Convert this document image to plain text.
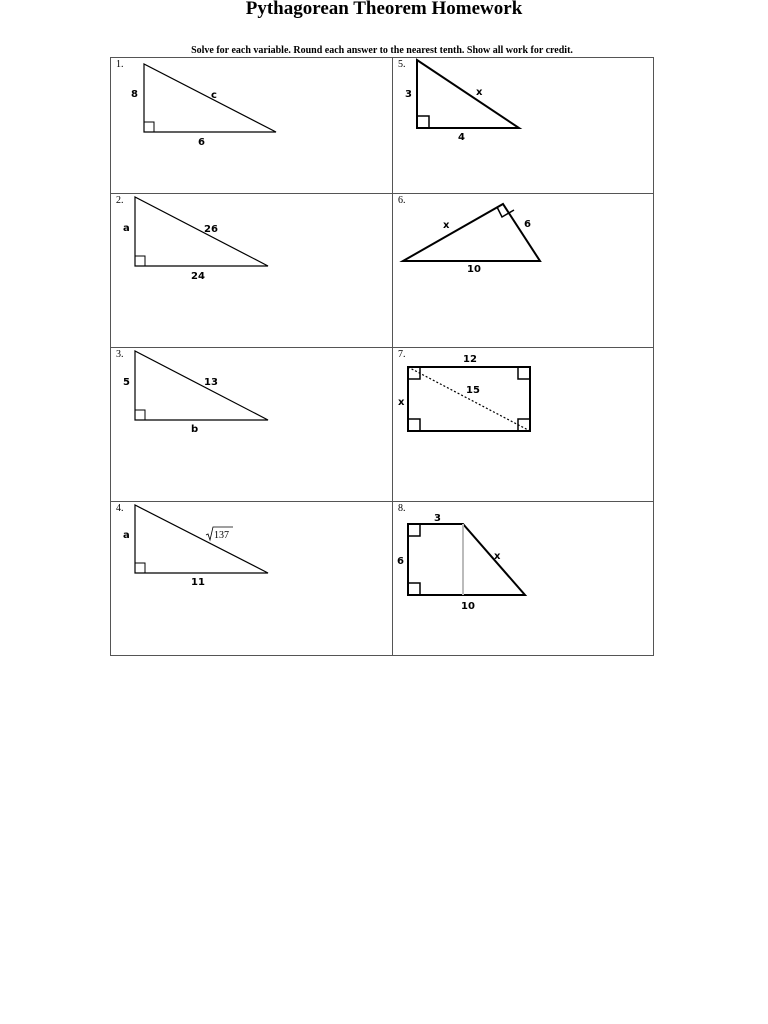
Pythagorean Theorem Homework
Solve for each variable. Round each answer to the nearest tenth. Show all work for credit.
1.
8	c
6
2.
a	26
24
3.
5	13
b
4.
a	137
11
5.
3	x
4
6.
x	6
10
7.	12
15
x
8.
3
6	x
10
